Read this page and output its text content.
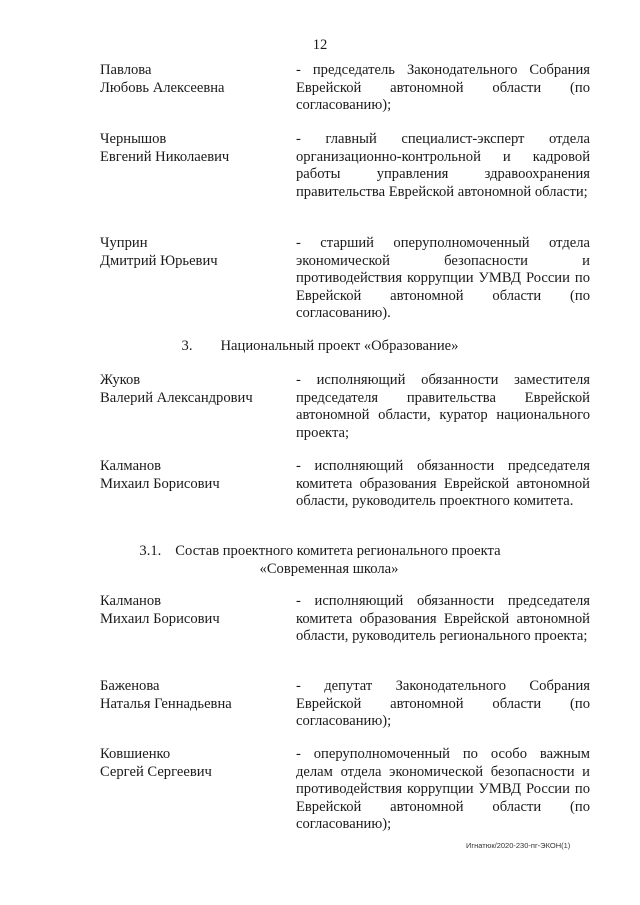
12
Павлова
Любовь Алексеевна
- председатель Законодательного Собрания Еврейской автономной области (по согласованию);
Чернышов
Евгений Николаевич
- главный специалист-эксперт отдела организационно-контрольной и кадровой работы управления здравоохранения правительства Еврейской автономной области;
Чуприн
Дмитрий Юрьевич
- старший оперуполномоченный отдела экономической безопасности и противодействия коррупции УМВД России по Еврейской автономной области (по согласованию).
3. Национальный проект «Образование»
Жуков
Валерий Александрович
- исполняющий обязанности заместителя председателя правительства Еврейской автономной области, куратор национального проекта;
Калманов
Михаил Борисович
- исполняющий обязанности председателя комитета образования Еврейской автономной области, руководитель проектного комитета.
3.1. Состав проектного комитета регионального проекта
«Современная школа»
Калманов
Михаил Борисович
- исполняющий обязанности председателя комитета образования Еврейской автономной области, руководитель регионального проекта;
Баженова
Наталья Геннадьевна
- депутат Законодательного Собрания Еврейской автономной области (по согласованию);
Ковшиенко
Сергей Сергеевич
- оперуполномоченный по особо важным делам отдела экономической безопасности и противодействия коррупции УМВД России по Еврейской автономной области (по согласованию);
Игнатюк/2020-230-пг-ЭКОН(1)
